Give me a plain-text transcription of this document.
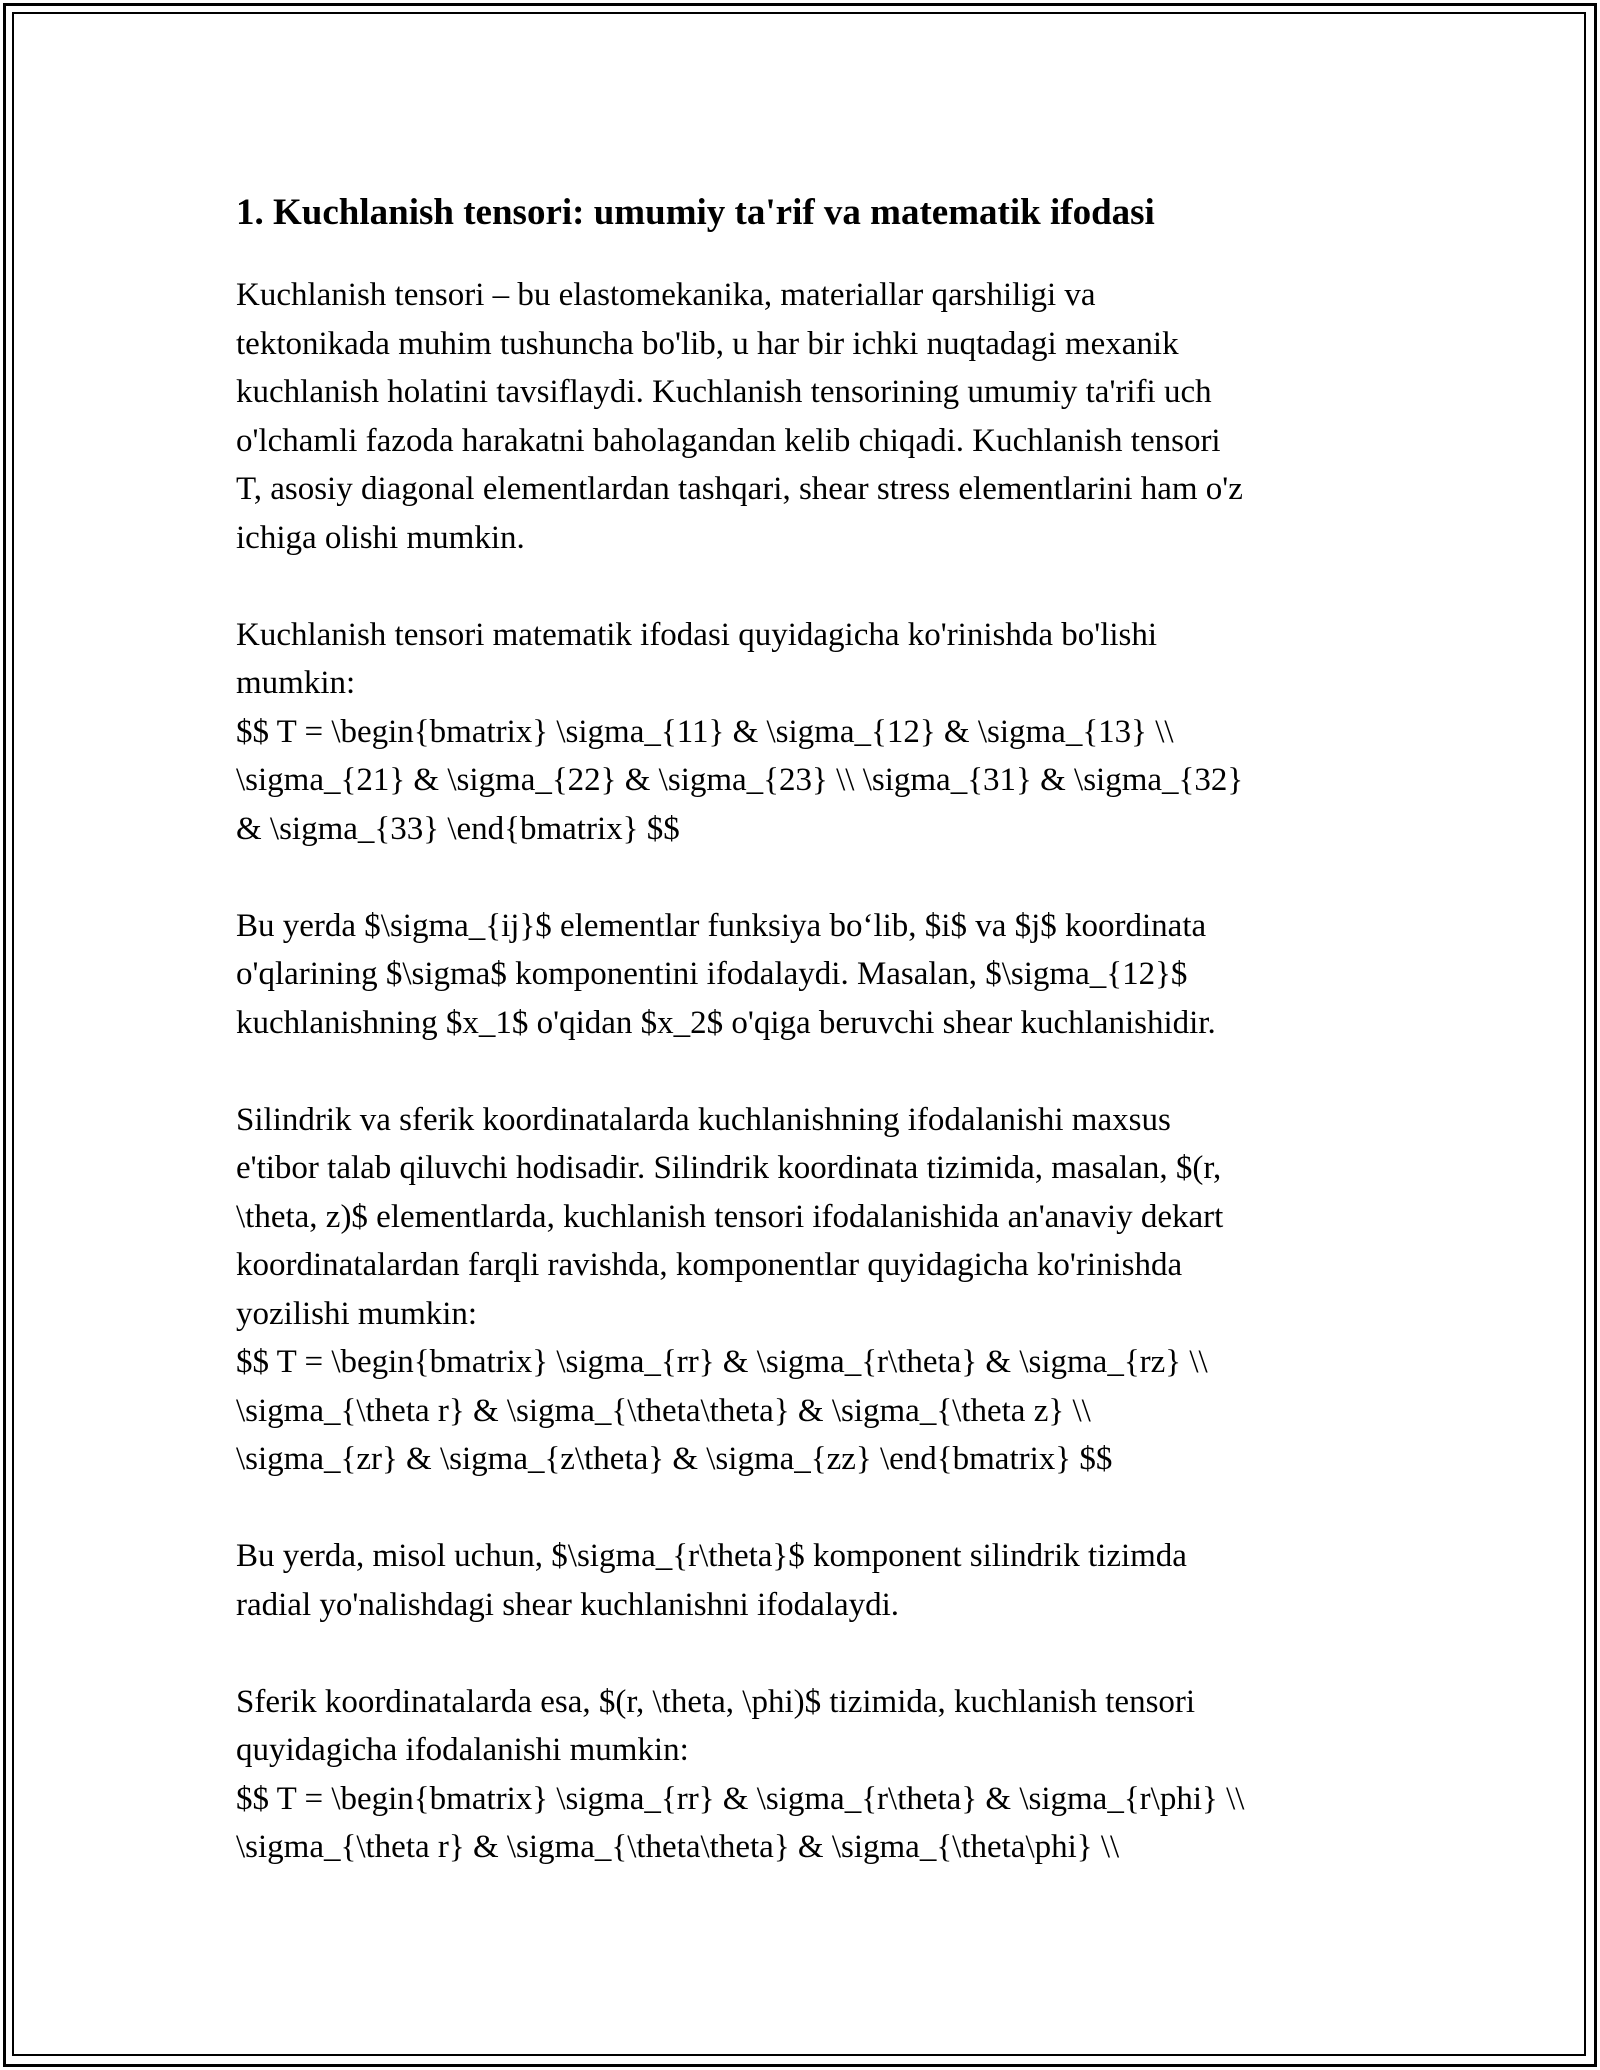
1. Kuchlanish tensori: umumiy ta'rif va matematik ifodasi

Kuchlanish tensori – bu elastomekanika, materiallar qarshiligi va
tektonikada muhim tushuncha bo'lib, u har bir ichki nuqtadagi mexanik
kuchlanish holatini tavsiflaydi. Kuchlanish tensorining umumiy ta'rifi uch
o'lchamli fazoda harakatni baholagandan kelib chiqadi. Kuchlanish tensori
T, asosiy diagonal elementlardan tashqari, shear stress elementlarini ham o'z
ichiga olishi mumkin.

Kuchlanish tensori matematik ifodasi quyidagicha ko'rinishda bo'lishi
mumkin:
$$ T = \begin{bmatrix} \sigma_{11} & \sigma_{12} & \sigma_{13} \\
\sigma_{21} & \sigma_{22} & \sigma_{23} \\ \sigma_{31} & \sigma_{32}
& \sigma_{33} \end{bmatrix} $$

Bu yerda $\sigma_{ij}$ elementlar funksiya bo‘lib, $i$ va $j$ koordinata
o'qlarining $\sigma$ komponentini ifodalaydi. Masalan, $\sigma_{12}$
kuchlanishning $x_1$ o'qidan $x_2$ o'qiga beruvchi shear kuchlanishidir.

Silindrik va sferik koordinatalarda kuchlanishning ifodalanishi maxsus
e'tibor talab qiluvchi hodisadir. Silindrik koordinata tizimida, masalan, $(r,
\theta, z)$ elementlarda, kuchlanish tensori ifodalanishida an'anaviy dekart
koordinatalardan farqli ravishda, komponentlar quyidagicha ko'rinishda
yozilishi mumkin:
$$ T = \begin{bmatrix} \sigma_{rr} & \sigma_{r\theta} & \sigma_{rz} \\
\sigma_{\theta r} & \sigma_{\theta\theta} & \sigma_{\theta z} \\
\sigma_{zr} & \sigma_{z\theta} & \sigma_{zz} \end{bmatrix} $$

Bu yerda, misol uchun, $\sigma_{r\theta}$ komponent silindrik tizimda
radial yo'nalishdagi shear kuchlanishni ifodalaydi.

Sferik koordinatalarda esa, $(r, \theta, \phi)$ tizimida, kuchlanish tensori
quyidagicha ifodalanishi mumkin:
$$ T = \begin{bmatrix} \sigma_{rr} & \sigma_{r\theta} & \sigma_{r\phi} \\
\sigma_{\theta r} & \sigma_{\theta\theta} & \sigma_{\theta\phi} \\
